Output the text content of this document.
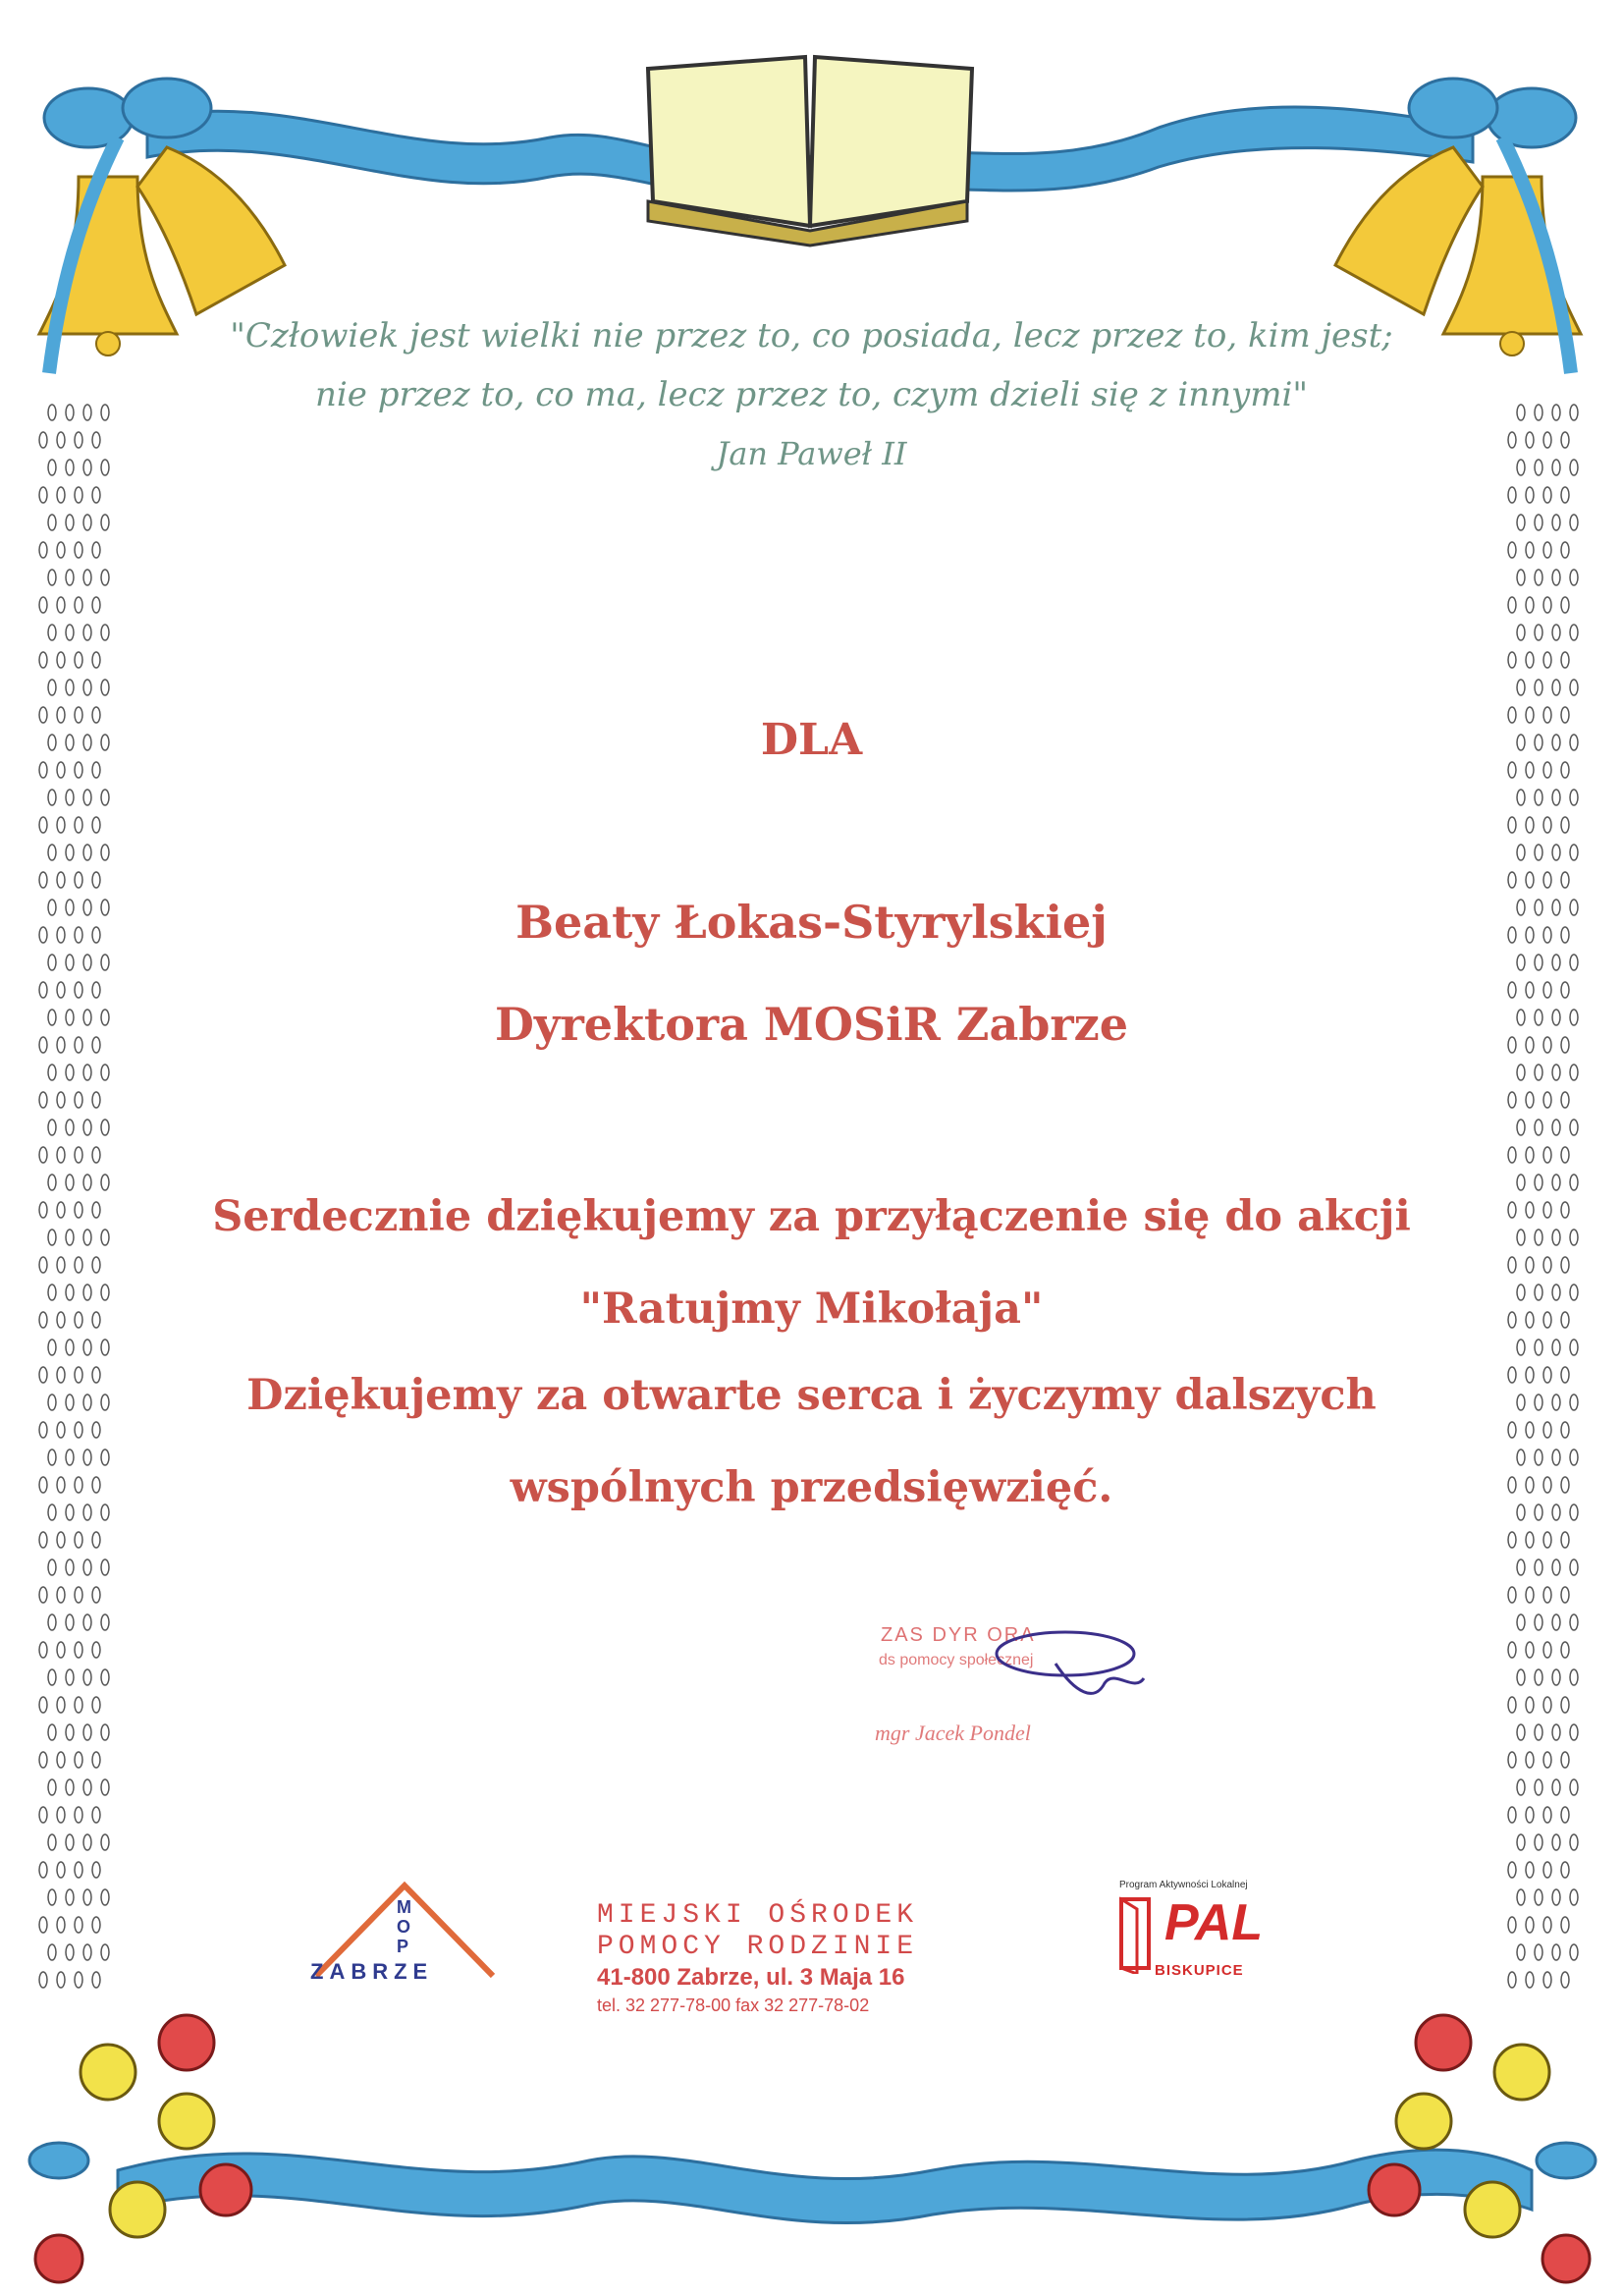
"Człowiek jest wielki nie przez to, co posiada, lecz przez to, kim jest;
nie przez to, co ma, lecz przez to, czym dzieli się z innymi"
Jan Paweł II
DLA
Beaty Łokas-Styrylskiej
Dyrektora MOSiR Zabrze
Serdecznie dziękujemy za przyłączenie się do akcji
"Ratujmy Mikołaja"
Dziękujemy za otwarte serca i życzymy dalszych
wspólnych przedsięwzięć.
ZAS DYR ORA
ds pomocy społecznej
mgr Jacek Pondel
M
O
P
ZABRZE
MIEJSKI OŚRODEK
POMOCY RODZINIE
41-800 Zabrze, ul. 3 Maja 16
tel. 32 277-78-00 fax 32 277-78-02
Program Aktywności Lokalnej
PAL
BISKUPICE
